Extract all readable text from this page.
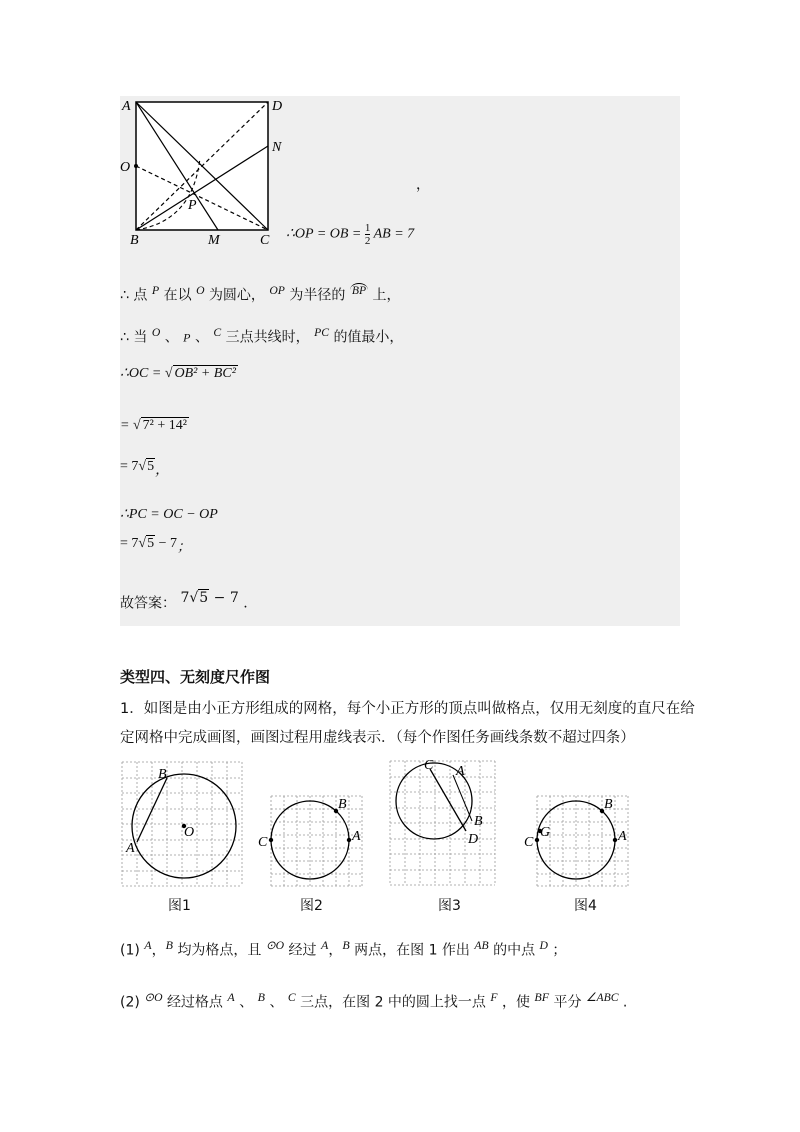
A	D
O
N
P
B	M	C
，
∴OP = OB = $\frac{1}{2}$ AB = 7
∴ 点 $^P$ 在以 $^O$ 为圆心， $^{OP}$ 为半径的 $^{BP}$ 上，
∴ 当 $^O$ 、 P 、 $^C$ 三点共线时， $^{PC}$ 的值最小，
∴OC = √ OB² + BC²
= √ 7² + 14²
= $7√5_,$
∴PC = OC − OP
= $7√5 - 7_;$
故答案： $^{7√5 - 7}$ .
类型四、无刻度尺作图
1．如图是由小正方形组成的网格，每个小正方形的顶点叫做格点，仅用无刻度的直尺在给
定网格中完成画图，画图过程用虚线表示．（每个作图任务画线条数不超过四条）
A
B
O
图1
B
A
C
图2
C A
B
D
图3
B
A
C
G
图4
(1) $^A$，$^B$ 均为格点，且 $^{⊙O}$ 经过 $^A$，$^B$ 两点，在图 1 作出 $^{AB}$ 的中点 $^D$ ；
(2) $^{⊙O}$ 经过格点 $^A$ 、 $^B$ 、 $^C$ 三点，在图 2 中的圆上找一点 $^F$ ，使 $^{BF}$ 平分 $^{\angle ABC}$ .
